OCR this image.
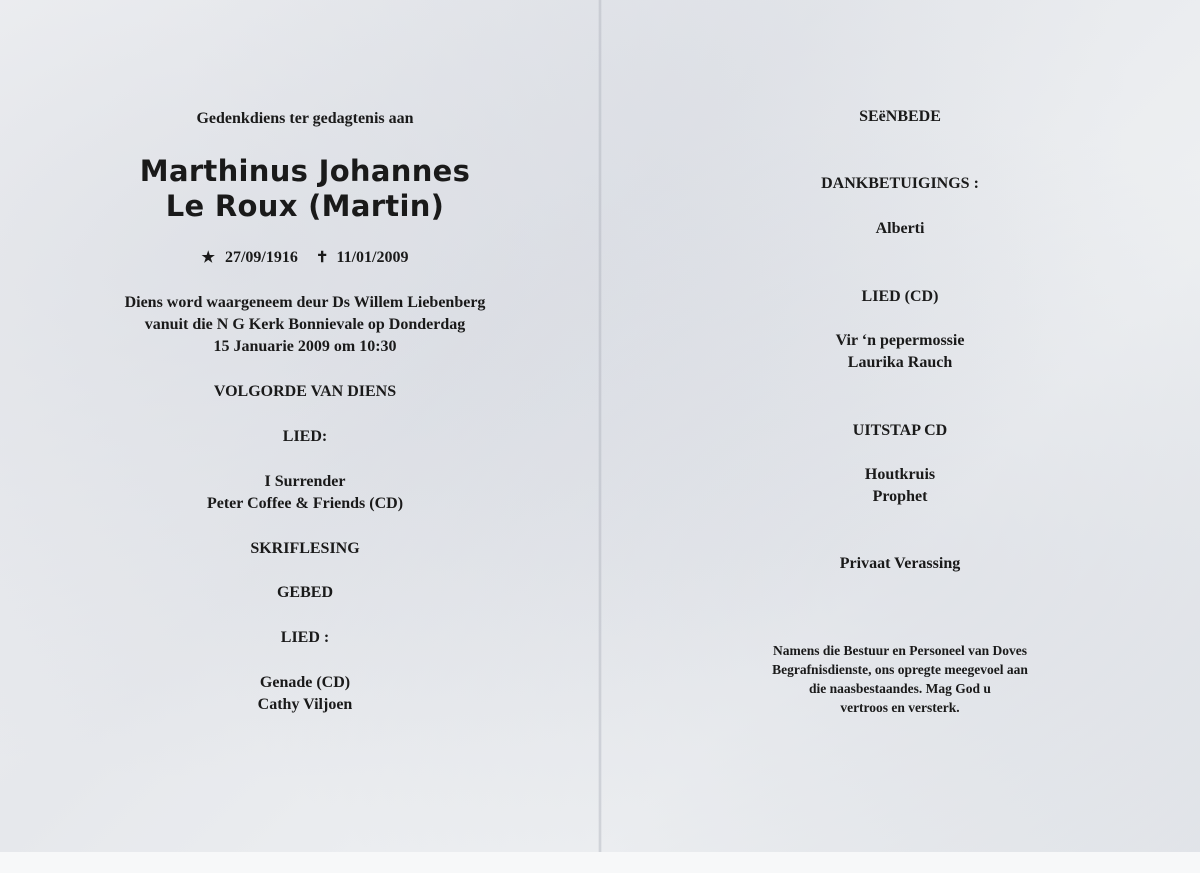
Gedenkdiens ter gedagtenis aan
Marthinus Johannes
Le Roux (Martin)
★ 27/09/1916 ✝ 11/01/2009
Diens word waargeneem deur Ds Willem Liebenberg
vanuit die N G Kerk Bonnievale op Donderdag
15 Januarie 2009 om 10:30
VOLGORDE VAN DIENS
LIED:
I Surrender
Peter Coffee & Friends (CD)
SKRIFLESING
GEBED
LIED :
Genade (CD)
Cathy Viljoen
SEëNBEDE
DANKBETUIGINGS :
Alberti
LIED (CD)
Vir ‘n pepermossie
Laurika Rauch
UITSTAP CD
Houtkruis
Prophet
Privaat Verassing
Namens die Bestuur en Personeel van Doves
Begrafnisdienste, ons opregte meegevoel aan
die naasbestaandes. Mag God u
vertroos en versterk.
